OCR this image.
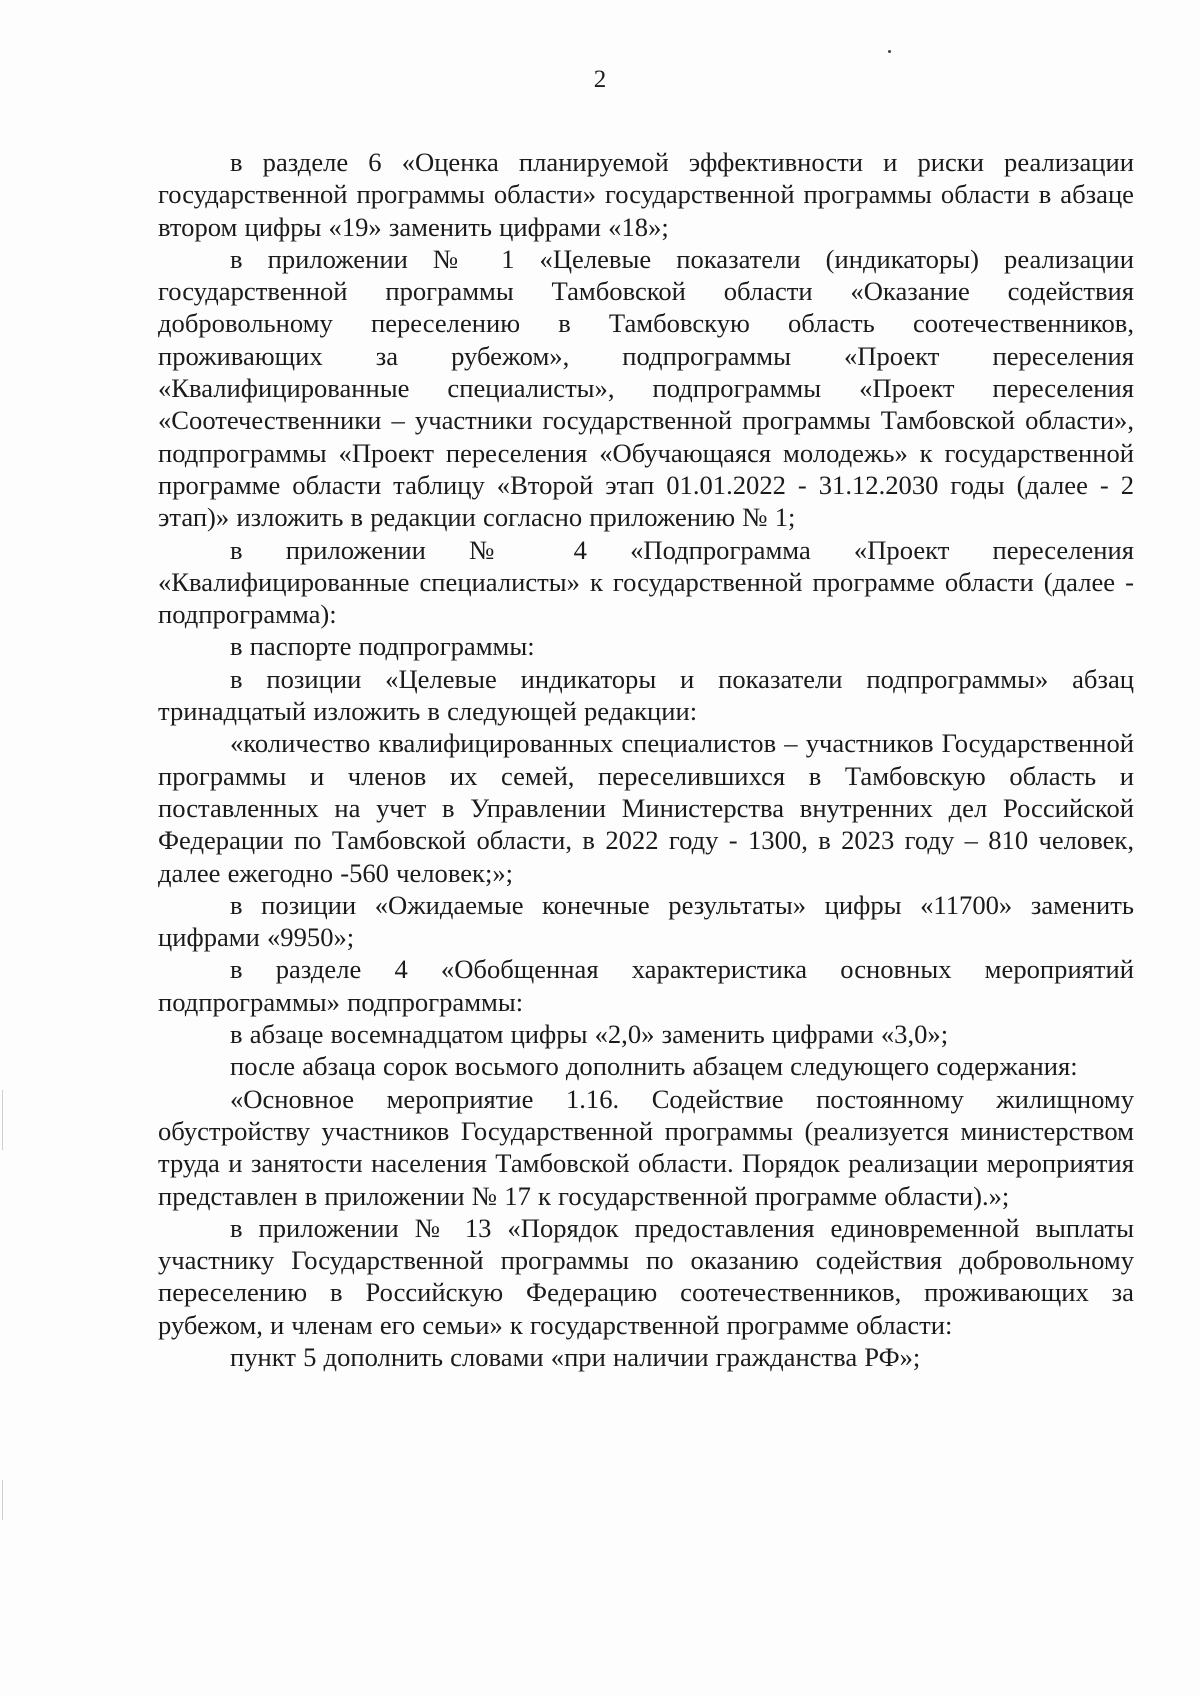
2

в разделе 6 «Оценка планируемой эффективности и риски реализации государственной программы области» государственной программы области в абзаце втором цифры «19» заменить цифрами «18»;

в приложении № 1 «Целевые показатели (индикаторы) реализации государственной программы Тамбовской области «Оказание содействия добровольному переселению в Тамбовскую область соотечественников, проживающих за рубежом», подпрограммы «Проект переселения «Квалифицированные специалисты», подпрограммы «Проект переселения «Соотечественники – участники государственной программы Тамбовской области», подпрограммы «Проект переселения «Обучающаяся молодежь» к государственной программе области таблицу «Второй этап 01.01.2022 - 31.12.2030 годы (далее - 2 этап)» изложить в редакции согласно приложению № 1;

в приложении № 4 «Подпрограмма «Проект переселения «Квалифицированные специалисты» к государственной программе области (далее - подпрограмма):

в паспорте подпрограммы:

в позиции «Целевые индикаторы и показатели подпрограммы» абзац тринадцатый изложить в следующей редакции:

«количество квалифицированных специалистов – участников Государственной программы и членов их семей, переселившихся в Тамбовскую область и поставленных на учет в Управлении Министерства внутренних дел Российской Федерации по Тамбовской области, в 2022 году - 1300, в 2023 году – 810 человек, далее ежегодно -560 человек;»;

в позиции «Ожидаемые конечные результаты» цифры «11700» заменить цифрами «9950»;

в разделе 4 «Обобщенная характеристика основных мероприятий подпрограммы» подпрограммы:

в абзаце восемнадцатом цифры «2,0» заменить цифрами «3,0»;

после абзаца сорок восьмого дополнить абзацем следующего содержания:

«Основное мероприятие 1.16. Содействие постоянному жилищному обустройству участников Государственной программы (реализуется министерством труда и занятости населения Тамбовской области. Порядок реализации мероприятия представлен в приложении № 17 к государственной программе области).»;

в приложении № 13 «Порядок предоставления единовременной выплаты участнику Государственной программы по оказанию содействия добровольному переселению в Российскую Федерацию соотечественников, проживающих за рубежом, и членам его семьи» к государственной программе области:

пункт 5 дополнить словами «при наличии гражданства РФ»;
